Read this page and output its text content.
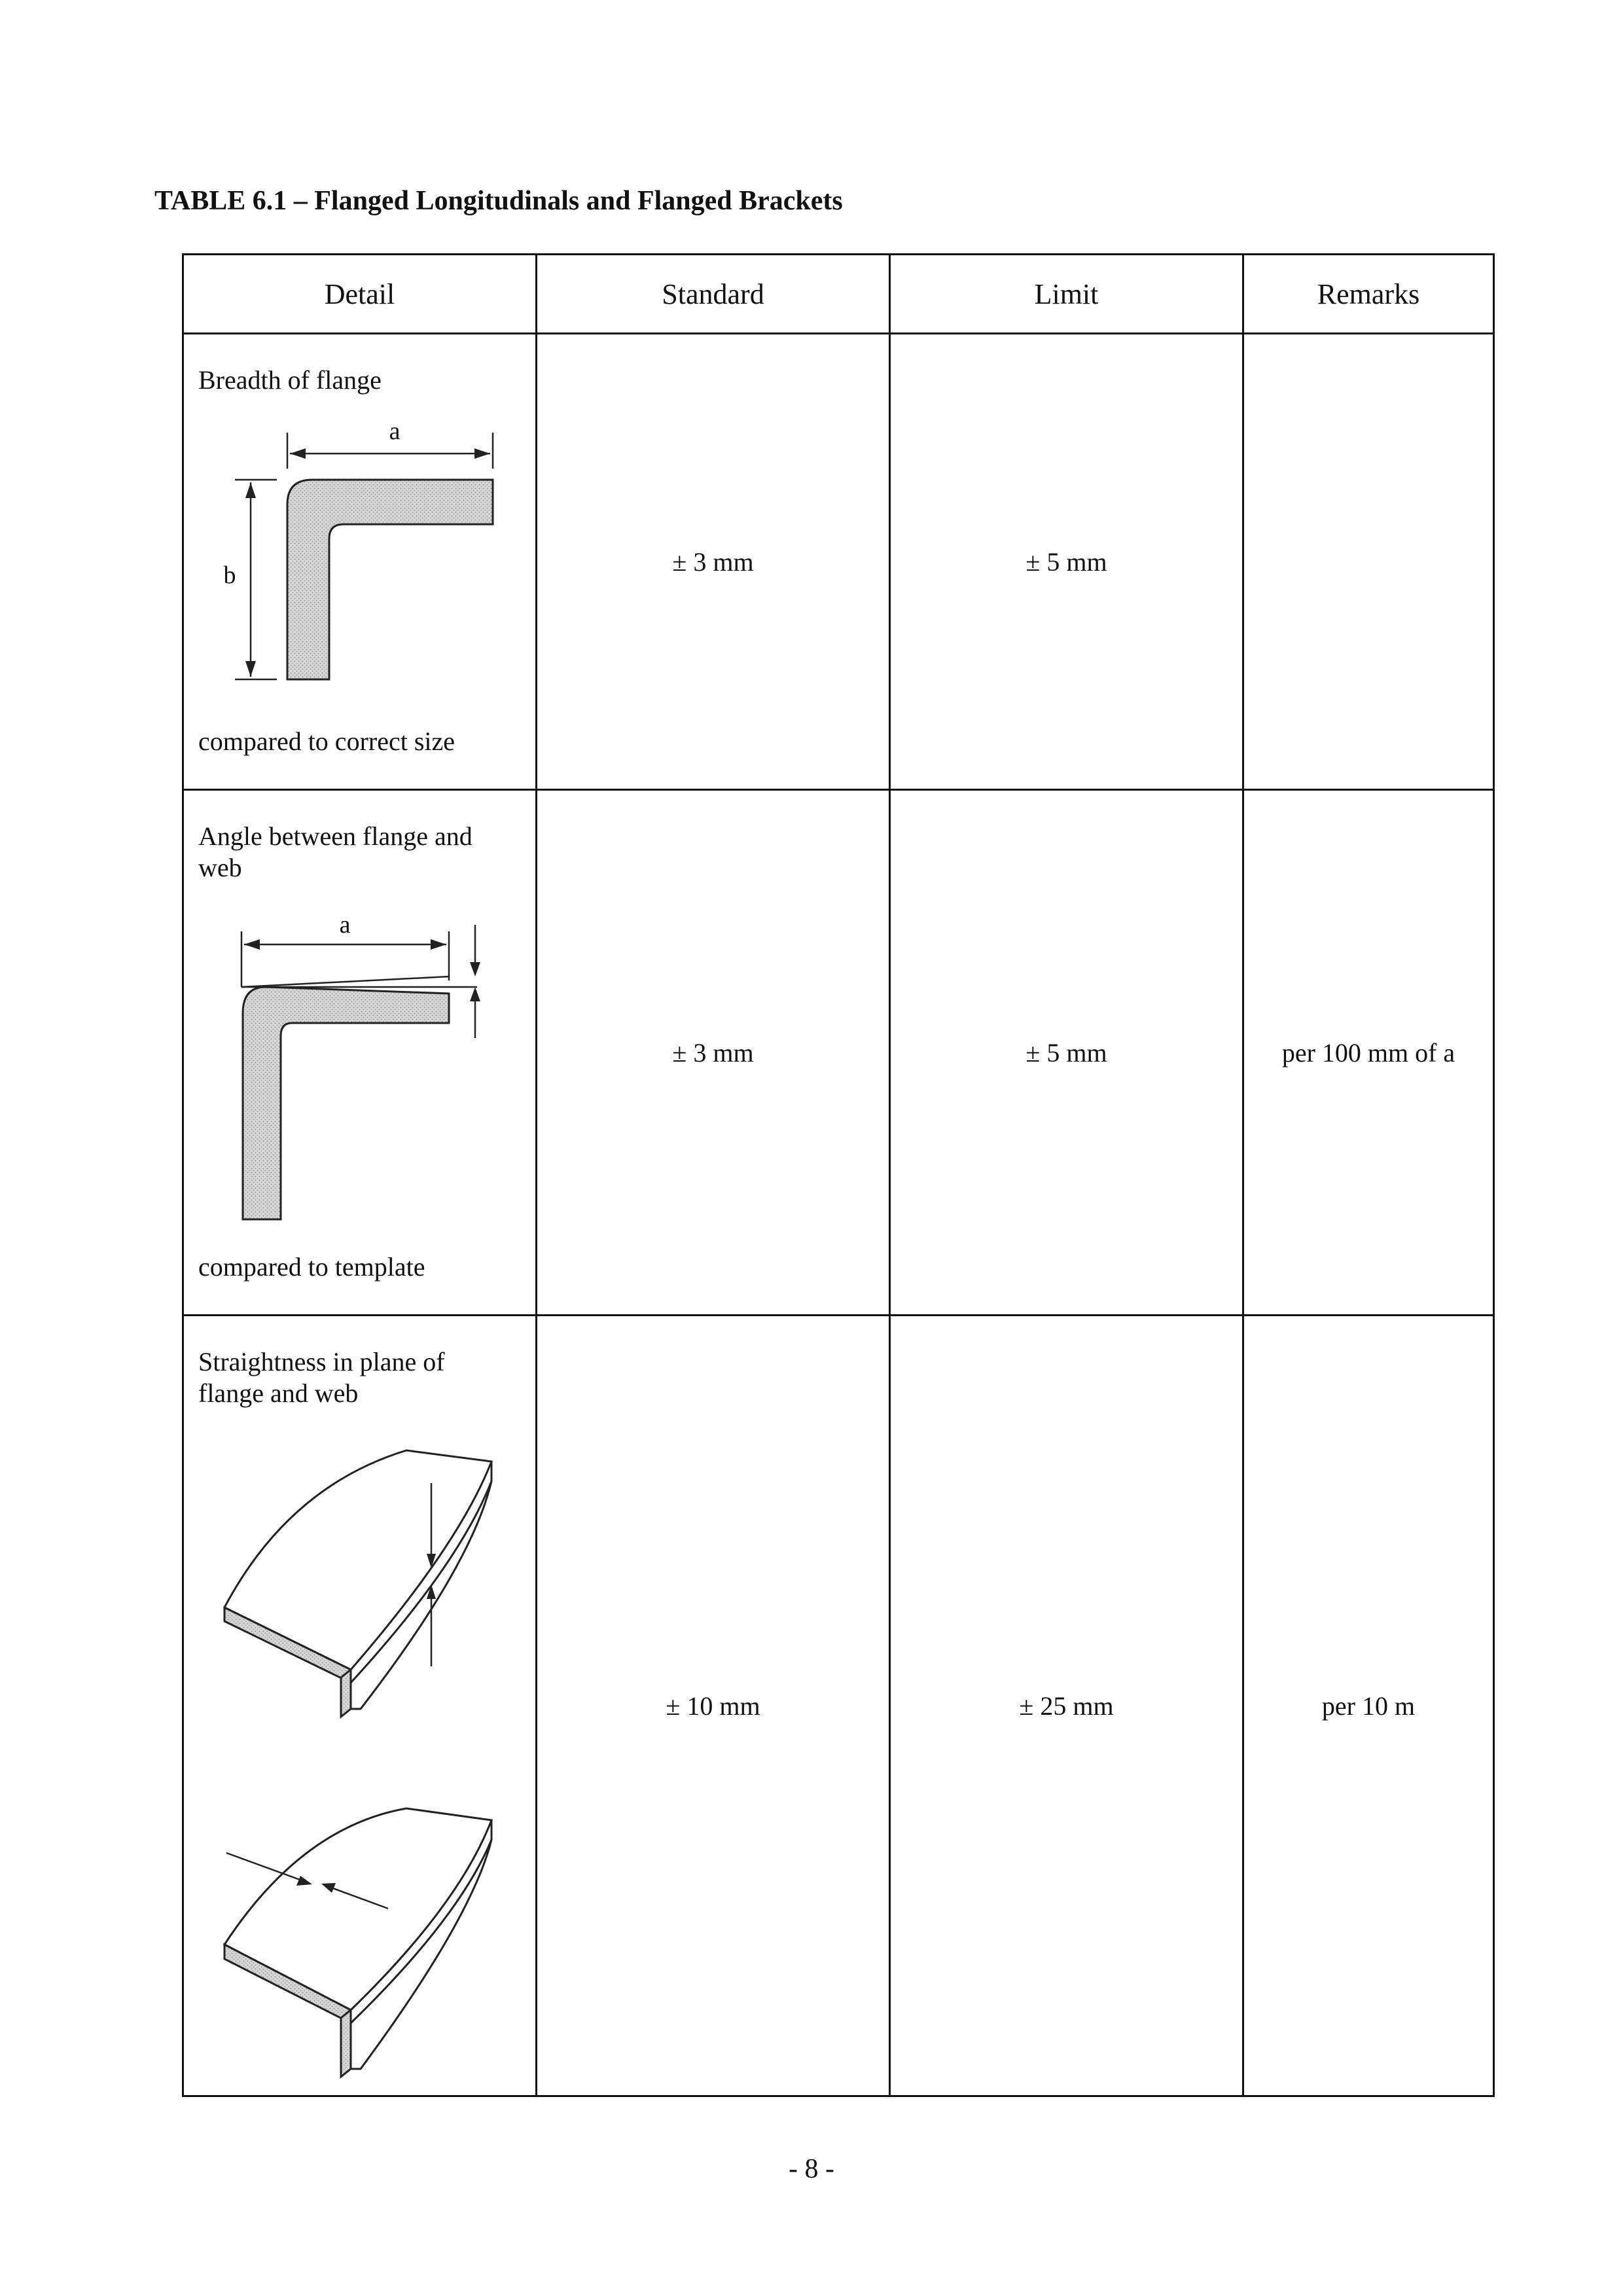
TABLE 6.1 – Flanged Longitudinals and Flanged Brackets
Detail	Standard	Limit	Remarks

Breadth of flange
a
b
compared to correct size	± 3 mm	± 5 mm	

Angle between flange and web
a
compared to template	± 3 mm	± 5 mm	per 100 mm of a

Straightness in plane of flange and web	± 10 mm	± 25 mm	per 10 m
- 8 -
